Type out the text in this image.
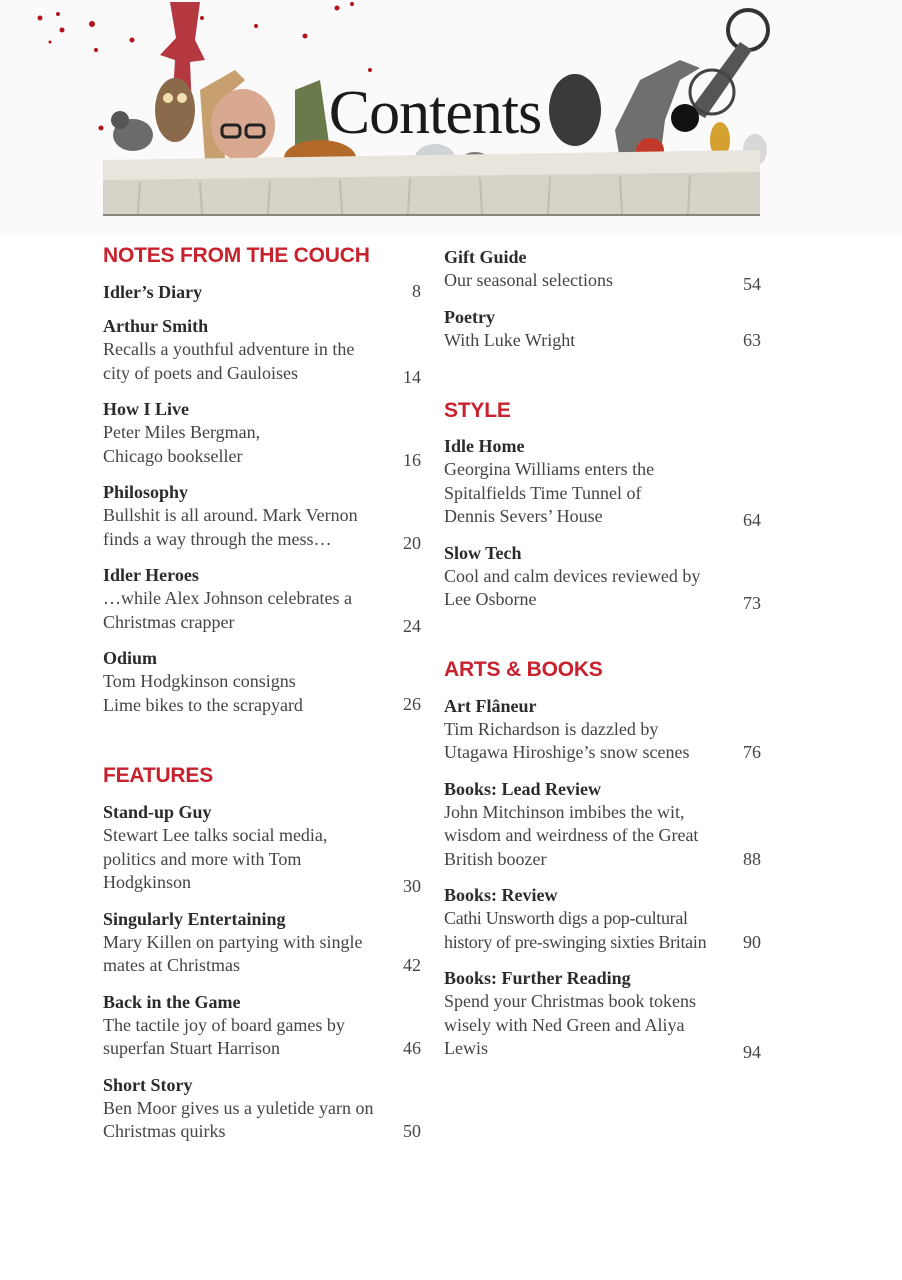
Contents
NOTES FROM THE COUCH
Idler’s Diary	8
Arthur Smith
Recalls a youthful adventure in the city of poets and Gauloises	14
How I Live
Peter Miles Bergman, Chicago bookseller	16
Philosophy
Bullshit is all around. Mark Vernon finds a way through the mess…	20
Idler Heroes
…while Alex Johnson celebrates a Christmas crapper	24
Odium
Tom Hodgkinson consigns Lime bikes to the scrapyard	26
FEATURES
Stand-up Guy
Stewart Lee talks social media, politics and more with Tom Hodgkinson	30
Singularly Entertaining
Mary Killen on partying with single mates at Christmas	42
Back in the Game
The tactile joy of board games by superfan Stuart Harrison	46
Short Story
Ben Moor gives us a yuletide yarn on Christmas quirks	50
Gift Guide
Our seasonal selections	54
Poetry
With Luke Wright	63
STYLE
Idle Home
Georgina Williams enters the Spitalfields Time Tunnel of Dennis Severs’ House	64
Slow Tech
Cool and calm devices reviewed by Lee Osborne	73
ARTS & BOOKS
Art Flâneur
Tim Richardson is dazzled by Utagawa Hiroshige’s snow scenes	76
Books: Lead Review
John Mitchinson imbibes the wit, wisdom and weirdness of the Great British boozer	88
Books: Review
Cathi Unsworth digs a pop-cultural history of pre-swinging sixties Britain	90
Books: Further Reading
Spend your Christmas book tokens wisely with Ned Green and Aliya Lewis	94
